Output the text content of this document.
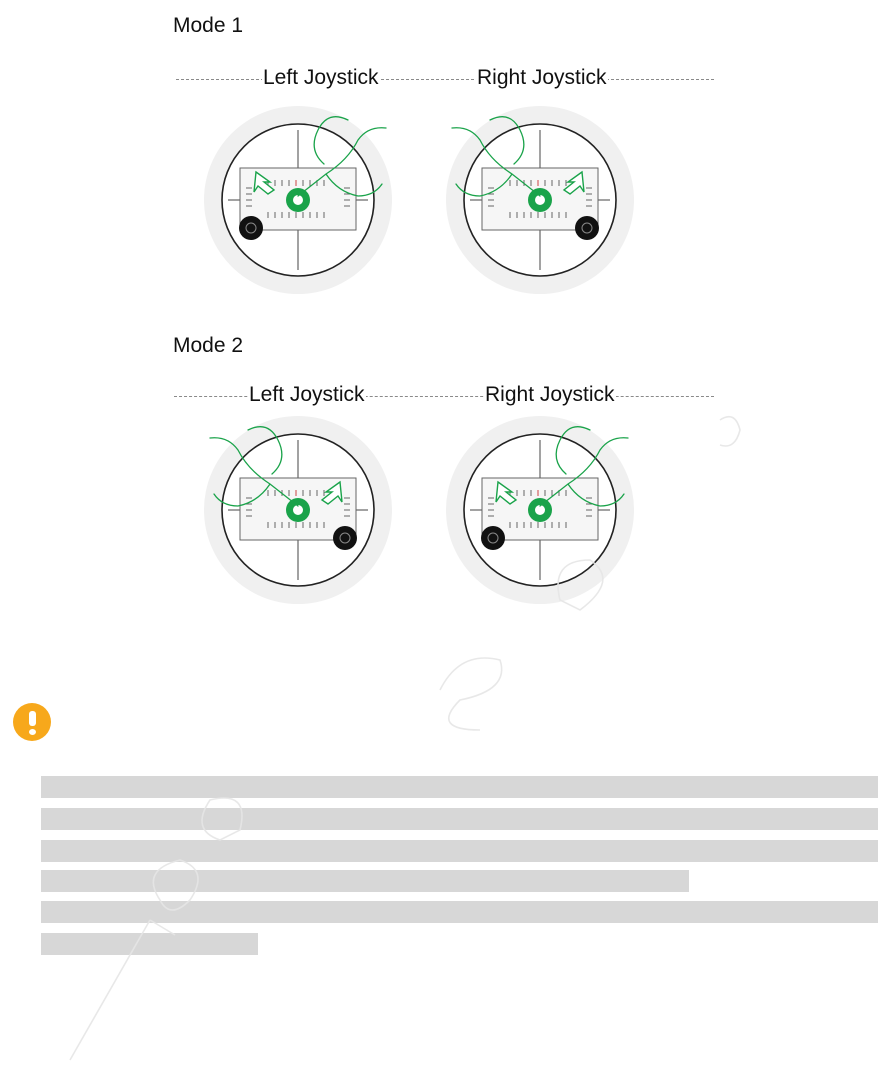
Mode 1
Left Joystick	Right Joystick
Mode 2
Left Joystick	Right Joystick
